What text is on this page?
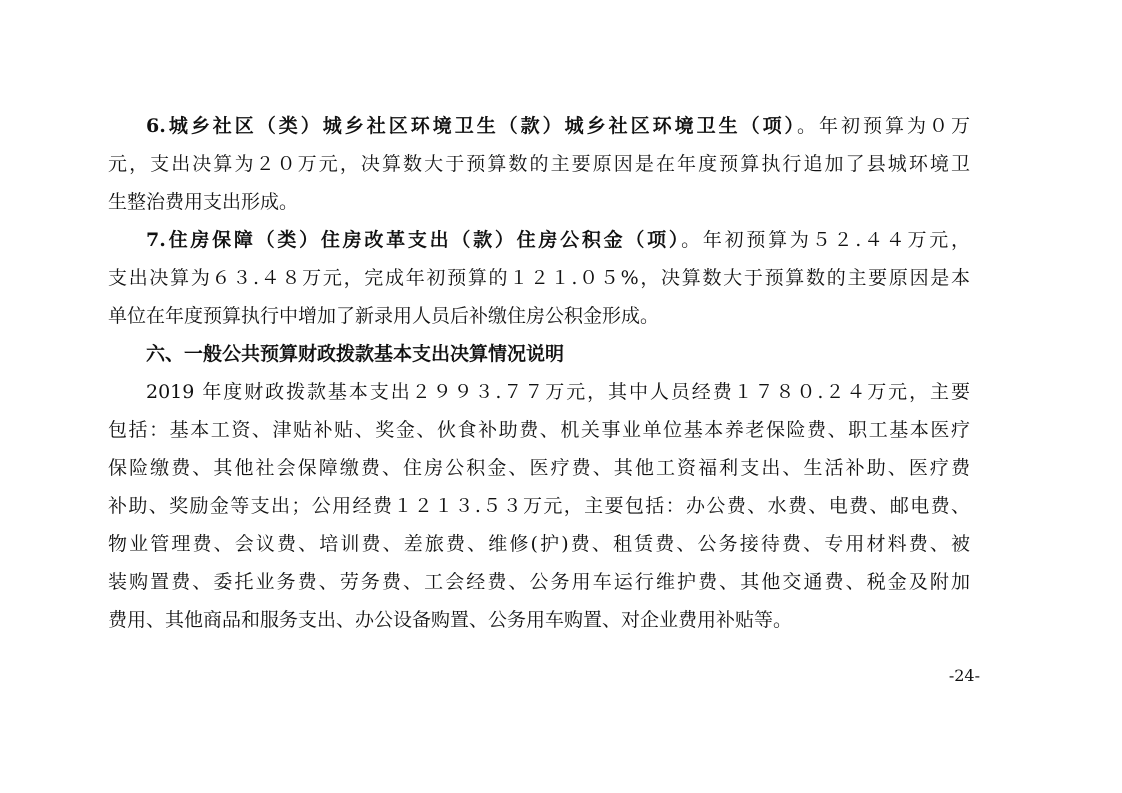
6.城乡社区（类）城乡社区环境卫生（款）城乡社区环境卫生（项）。年初预算为０万
元，支出决算为２０万元，决算数大于预算数的主要原因是在年度预算执行追加了县城环境卫
生整治费用支出形成。
7.住房保障（类）住房改革支出（款）住房公积金（项）。年初预算为５２.４４万元，
支出决算为６３.４８万元，完成年初预算的１２１.０５%，决算数大于预算数的主要原因是本
单位在年度预算执行中增加了新录用人员后补缴住房公积金形成。
六、一般公共预算财政拨款基本支出决算情况说明
2019 年度财政拨款基本支出２９９３.７７万元，其中人员经费１７８０.２４万元，主要
包括：基本工资、津贴补贴、奖金、伙食补助费、机关事业单位基本养老保险费、职工基本医疗
保险缴费、其他社会保障缴费、住房公积金、医疗费、其他工资福利支出、生活补助、医疗费
补助、奖励金等支出；公用经费１２１３.５３万元，主要包括：办公费、水费、电费、邮电费、
物业管理费、会议费、培训费、差旅费、维修(护)费、租赁费、公务接待费、专用材料费、被
装购置费、委托业务费、劳务费、工会经费、公务用车运行维护费、其他交通费、税金及附加
费用、其他商品和服务支出、办公设备购置、公务用车购置、对企业费用补贴等。
-24-
